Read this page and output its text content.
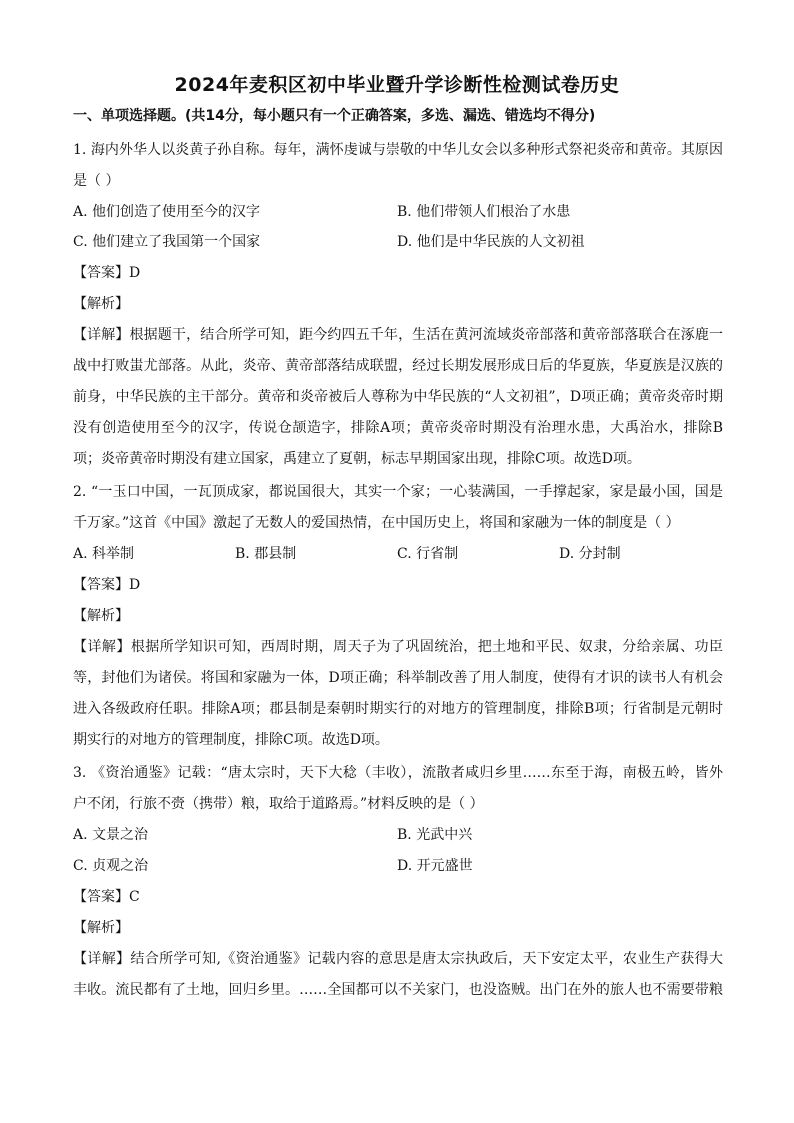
2024年麦积区初中毕业暨升学诊断性检测试卷历史
一、单项选择题。(共14分，每小题只有一个正确答案，多选、漏选、错选均不得分)
1. 海内外华人以炎黄子孙自称。每年，满怀虔诚与崇敬的中华儿女会以多种形式祭祀炎帝和黄帝。其原因
是（ ）
A. 他们创造了使用至今的汉字	B. 他们带领人们根治了水患
C. 他们建立了我国第一个国家	D. 他们是中华民族的人文初祖
【答案】D
【解析】
【详解】根据题干，结合所学可知，距今约四五千年，生活在黄河流域炎帝部落和黄帝部落联合在涿鹿一
战中打败蚩尤部落。从此，炎帝、黄帝部落结成联盟，经过长期发展形成日后的华夏族，华夏族是汉族的
前身，中华民族的主干部分。黄帝和炎帝被后人尊称为中华民族的“人文初祖”，D项正确；黄帝炎帝时期
没有创造使用至今的汉字，传说仓颉造字，排除A项；黄帝炎帝时期没有治理水患，大禹治水，排除B
项；炎帝黄帝时期没有建立国家，禹建立了夏朝，标志早期国家出现，排除C项。故选D项。
2. “一玉口中国，一瓦顶成家，都说国很大，其实一个家；一心装满国，一手撑起家，家是最小国，国是
千万家。”这首《中国》激起了无数人的爱国热情，在中国历史上，将国和家融为一体的制度是（ ）
A. 科举制	B. 郡县制	C. 行省制	D. 分封制
【答案】D
【解析】
【详解】根据所学知识可知，西周时期，周天子为了巩固统治，把土地和平民、奴隶，分给亲属、功臣
等，封他们为诸侯。将国和家融为一体，D项正确；科举制改善了用人制度，使得有才识的读书人有机会
进入各级政府任职。排除A项；郡县制是秦朝时期实行的对地方的管理制度，排除B项；行省制是元朝时
期实行的对地方的管理制度，排除C项。故选D项。
3. 《资治通鉴》记载：“唐太宗时，天下大稔（丰收），流散者咸归乡里……东至于海，南极五岭，皆外
户不闭，行旅不赍（携带）粮，取给于道路焉。”材料反映的是（ ）
A. 文景之治	B. 光武中兴
C. 贞观之治	D. 开元盛世
【答案】C
【解析】
【详解】结合所学可知,《资治通鉴》记载内容的意思是唐太宗执政后，天下安定太平，农业生产获得大
丰收。流民都有了土地，回归乡里。……全国都可以不关家门，也没盗贼。出门在外的旅人也不需要带粮
